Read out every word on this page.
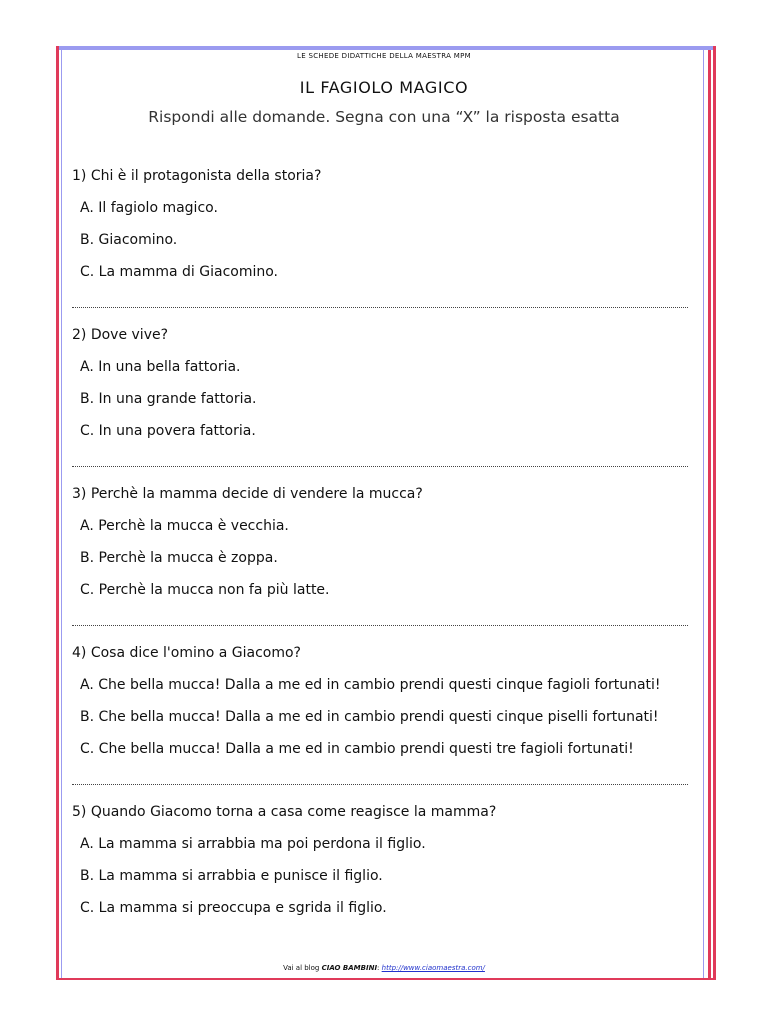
LE SCHEDE DIDATTICHE DELLA MAESTRA MPM
IL FAGIOLO MAGICO
Rispondi alle domande. Segna con una “X” la risposta esatta
1) Chi è il protagonista della storia?
A. Il fagiolo magico.
B. Giacomino.
C. La mamma di Giacomino.
2) Dove vive?
A. In una bella fattoria.
B. In una grande fattoria.
C. In una povera fattoria.
3) Perchè la mamma decide di vendere la mucca?
A. Perchè la mucca è vecchia.
B. Perchè la mucca è zoppa.
C. Perchè la mucca non fa più latte.
4) Cosa dice l'omino a Giacomo?
A. Che bella mucca! Dalla a me ed in cambio prendi questi cinque fagioli fortunati!
B. Che bella mucca! Dalla a me ed in cambio prendi questi cinque piselli fortunati!
C. Che bella mucca! Dalla a me ed in cambio prendi questi tre fagioli fortunati!
5) Quando Giacomo torna a casa come reagisce la mamma?
A. La mamma si arrabbia ma poi perdona il figlio.
B. La mamma si arrabbia e punisce il figlio.
C. La mamma si preoccupa e sgrida il figlio.
Vai al blog CIAO BAMBINI: http://www.ciaomaestra.com/
